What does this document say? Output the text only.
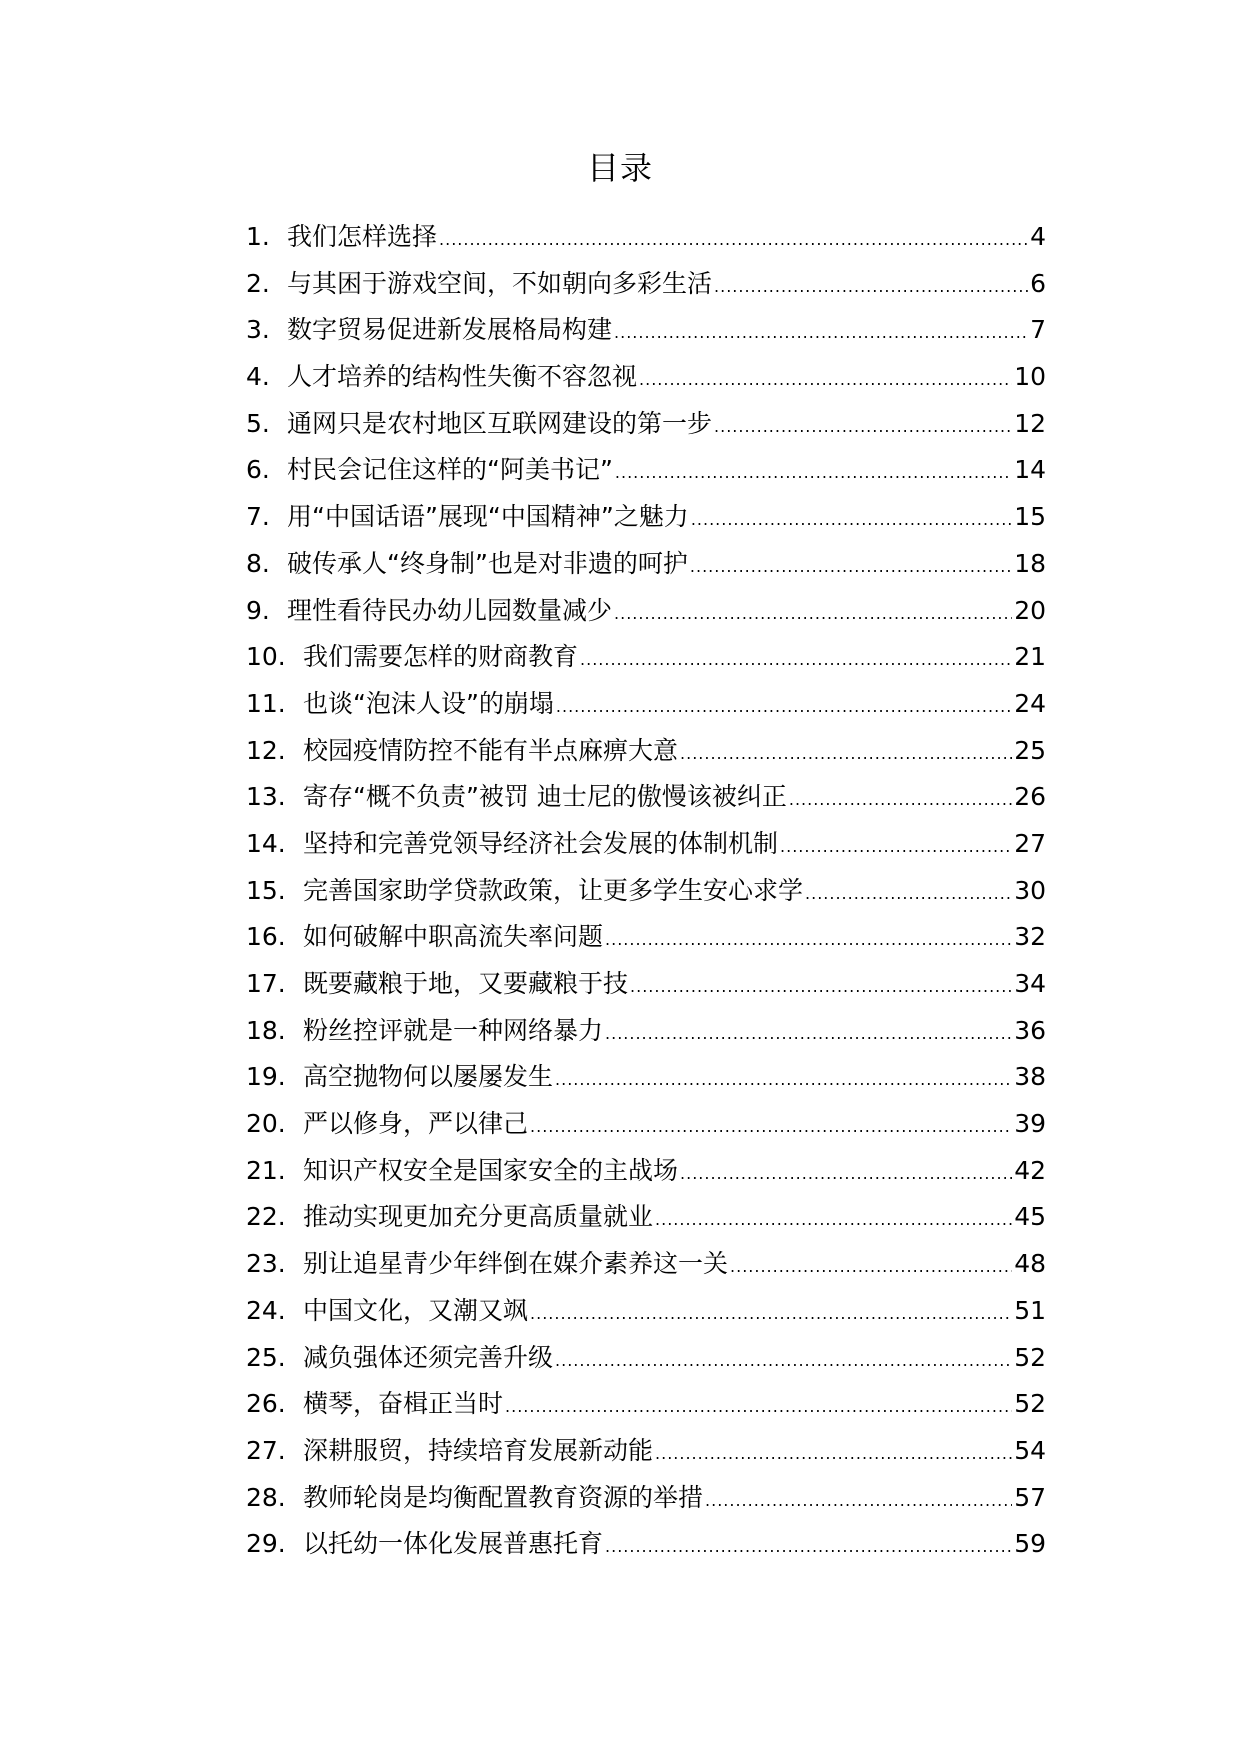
目录
1. 我们怎样选择 .....	4
2. 与其困于游戏空间，不如朝向多彩生活 .....	6
3. 数字贸易促进新发展格局构建 .....	7
4. 人才培养的结构性失衡不容忽视 .....	10
5. 通网只是农村地区互联网建设的第一步 .....	12
6. 村民会记住这样的“阿美书记” .....	14
7. 用“中国话语”展现“中国精神”之魅力 .....	15
8. 破传承人“终身制”也是对非遗的呵护 .....	18
9. 理性看待民办幼儿园数量减少 .....	20
10. 我们需要怎样的财商教育 .....	21
11. 也谈“泡沫人设”的崩塌 .....	24
12. 校园疫情防控不能有半点麻痹大意 .....	25
13. 寄存“概不负责”被罚 迪士尼的傲慢该被纠正 .....	26
14. 坚持和完善党领导经济社会发展的体制机制 .....	27
15. 完善国家助学贷款政策，让更多学生安心求学 .....	30
16. 如何破解中职高流失率问题 .....	32
17. 既要藏粮于地，又要藏粮于技 .....	34
18. 粉丝控评就是一种网络暴力 .....	36
19. 高空抛物何以屡屡发生 .....	38
20. 严以修身，严以律己 .....	39
21. 知识产权安全是国家安全的主战场 .....	42
22. 推动实现更加充分更高质量就业 .....	45
23. 别让追星青少年绊倒在媒介素养这一关 .....	48
24. 中国文化，又潮又飒 .....	51
25. 减负强体还须完善升级 .....	52
26. 横琴，奋楫正当时 .....	52
27. 深耕服贸，持续培育发展新动能 .....	54
28. 教师轮岗是均衡配置教育资源的举措 .....	57
29. 以托幼一体化发展普惠托育 .....	59
